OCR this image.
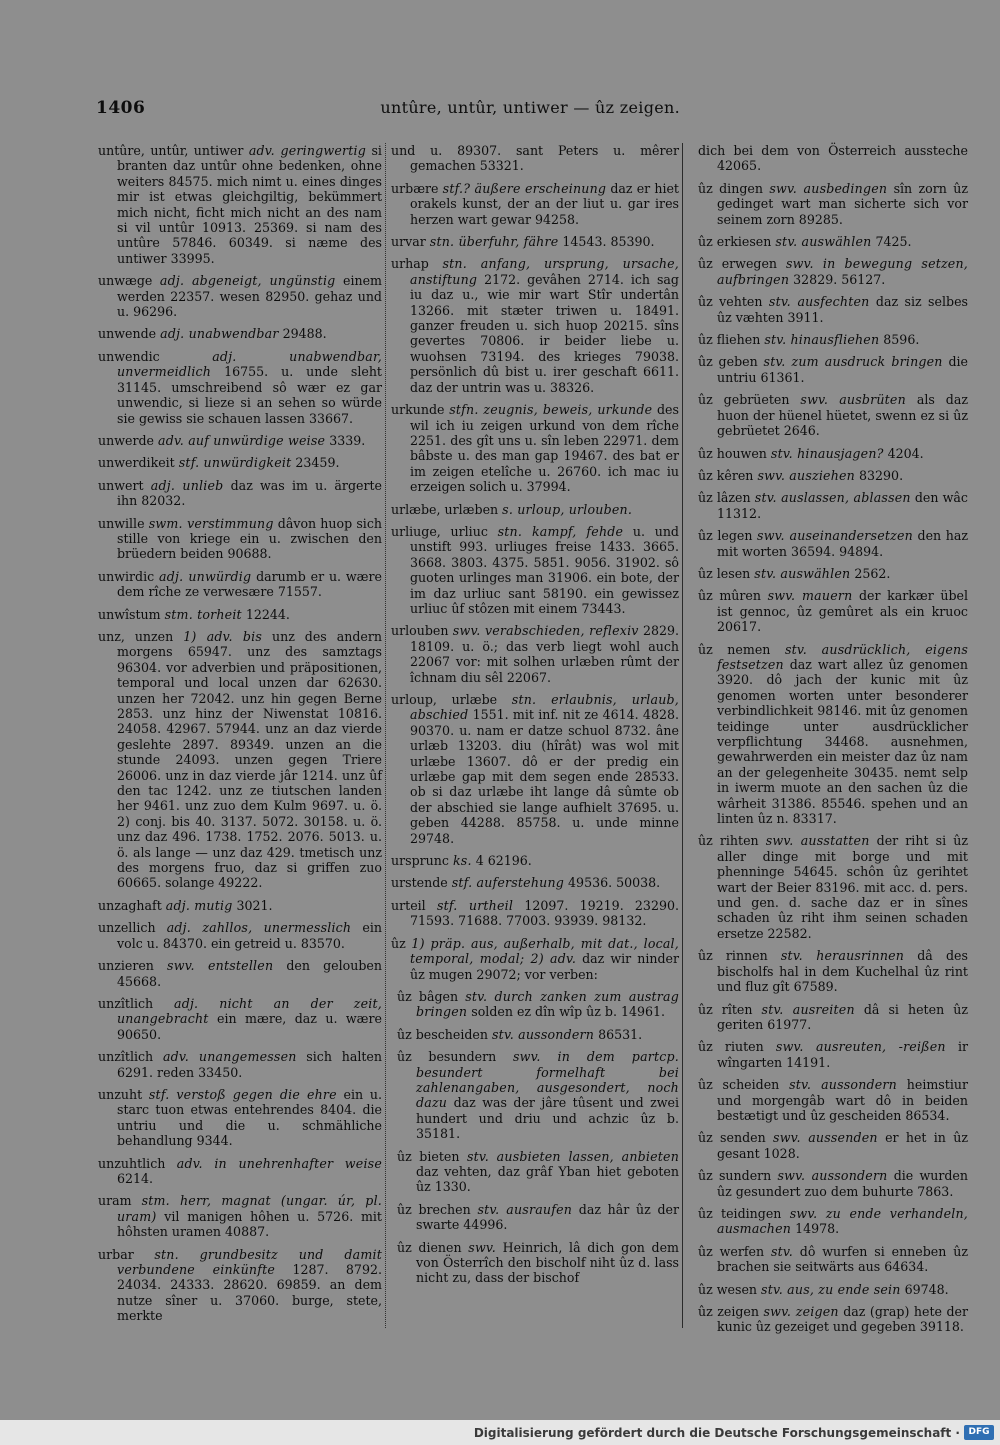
1406	untûre, untûr, untiwer — ûz zeigen.

untûre, untûr, untiwer adv. geringwertig si branten daz untûr ohne bedenken, ohne weiters 84575. mich nimt u. eines dinges mir ist etwas gleichgiltig, bekümmert mich nicht, ficht mich nicht an des nam si vil untûr 10913. 25369. si nam des untûre 57846. 60349. si næme des untiwer 33995.

unwæge adj. abgeneigt, ungünstig einem werden 22357. wesen 82950. gehaz und u. 96296.

unwende adj. unabwendbar 29488.

unwendic	adj. unabwendbar, unvermeidlich 16755. u. unde sleht 31145. umschreibend sô wær ez gar unwendic, si lieze si an sehen so würde sie gewiss sie schauen lassen 33667.

unwerde adv. auf unwürdige weise 3339.

unwerdikeit stf. unwürdigkeit 23459.

unwert adj. unlieb daz was im u. ärgerte ihn 82032.

unwille swm. verstimmung dâvon huop sich stille von kriege ein u. zwischen den brüedern beiden 90688.

unwirdic adj. unwürdig darumb er u. wære dem rîche ze verwesære 71557.

unwîstum stm. torheit 12244.

unz, unzen 1) adv. bis unz des andern morgens 65947. unz des samztags 96304. vor adverbien und präpositionen, temporal und local unzen dar 62630. unzen her 72042. unz hin gegen Berne 2853. unz hinz der Niwenstat 10816. 24058. 42967. 57944. unz an daz vierde geslehte 2897. 89349. unzen an die stunde 24093. unzen gegen Triere 26006. unz in daz vierde jâr 1214. unz ûf den tac 1242. unz ze tiutschen landen her 9461. unz zuo dem Kulm 9697. u. ö. 2) conj. bis 40. 3137. 5072. 30158. u. ö. unz daz 496. 1738. 1752. 2076. 5013. u. ö. als lange — unz daz 429. tmetisch unz des morgens fruo, daz si griffen zuo 60665. solange 49222.

unzaghaft adj. mutig 3021.

unzellich adj. zahllos, unermesslich ein volc u. 84370. ein getreid u. 83570.

unzieren swv. entstellen den gelouben 45668.

unzîtlich adj. nicht an der zeit, unangebracht ein mære, daz u. wære 90650.

unzîtlich adv. unangemessen sich halten 6291. reden 33450.

unzuht stf. verstoß gegen die ehre ein u. starc tuon etwas entehrendes 8404. die untriu und die u. schmähliche behandlung 9344.

unzuhtlich adv. in unehrenhafter weise 6214.

uram stm. herr, magnat (ungar. úr, pl. uram) vil manigen hôhen u. 5726. mit hôhsten uramen 40887.

urbar stn. grundbesitz und damit verbundene einkünfte 1287. 8792. 24034. 24333. 28620. 69859. an dem nutze sîner u. 37060. burge, stete, merkte

und u. 89307. sant Peters u. mêrer gemachen 53321.

urbære stf.? äußere erscheinung daz er hiet orakels kunst, der an der liut u. gar ires herzen wart gewar 94258.

urvar stn. überfuhr, fähre 14543. 85390.

urhap stn. anfang, ursprung, ursache, anstiftung 2172. gevâhen 2714. ich sag iu daz u., wie mir wart Stîr undertân 13266. mit stæter triwen u. 18491. ganzer freuden u. sich huop 20215. sîns gevertes 70806. ir beider liebe u. wuohsen 73194. des krieges 79038. persönlich dû bist u. irer geschaft 6611. daz der untrin was u. 38326.

urkunde stfn. zeugnis, beweis, urkunde des wil ich iu zeigen urkund von dem rîche 2251. des gît uns u. sîn leben 22971. dem bâbste u. des man gap 19467. des bat er im zeigen etelîche u. 26760. ich mac iu erzeigen solich u. 37994.

urlæbe, urlæben s. urloup, urlouben.

urliuge, urliuc stn. kampf, fehde u. und unstift 993. urliuges freise 1433. 3665. 3668. 3803. 4375. 5851. 9056. 31902. sô guoten urlinges man 31906. ein bote, der im daz urliuc sant 58190. ein gewissez urliuc ûf stôzen mit einem 73443.

urlouben swv. verabschieden, reflexiv 2829. 18109. u. ö.; das verb liegt wohl auch 22067 vor: mit solhen urlæben rûmt der îchnam diu sêl 22067.

urloup, urlæbe stn. erlaubnis, urlaub, abschied 1551. mit inf. nit ze 4614. 4828. 90370. u. nam er datze schuol 8732. âne urlæb 13203. diu (hîrât) was wol mit urlæbe 13607. dô er der predig ein urlæbe gap mit dem segen ende 28533. ob si daz urlæbe iht lange dâ sûmte ob der abschied sie lange aufhielt 37695. u. geben 44288. 85758. u. unde minne 29748.

ursprunc ks. 4 62196.

urstende stf. auferstehung 49536. 50038.

urteil stf. urtheil 12097. 19219. 23290. 71593. 71688. 77003. 93939. 98132.

ûz 1) präp. aus, außerhalb, mit dat., local, temporal, modal; 2) adv. daz wir ninder ûz mugen 29072; vor verben:

ûz bâgen stv. durch zanken zum austrag bringen solden ez dîn wîp ûz b. 14961.

ûz bescheiden stv. aussondern 86531.

ûz besundern swv. in dem partcp. besundert formelhaft bei zahlenangaben, ausgesondert, noch dazu daz was der jâre tûsent und zwei hundert und driu und achzic ûz b. 35181.

ûz bieten stv. ausbieten lassen, anbieten daz vehten, daz grâf Yban hiet geboten ûz 1330.

ûz brechen stv. ausraufen daz hâr ûz der swarte 44996.

ûz dienen swv. Heinrich, lâ dich gon dem von Österrîch den bischolf niht ûz d. lass nicht zu, dass der bischof

dich bei dem von Österreich aussteche 42065.

ûz dingen swv. ausbedingen sîn zorn ûz gedinget wart man sicherte sich vor seinem zorn 89285.

ûz erkiesen stv. auswählen 7425.

ûz erwegen swv. in bewegung setzen, aufbringen 32829. 56127.

ûz vehten stv. ausfechten daz siz selbes ûz væhten 3911.

ûz fliehen stv. hinausfliehen 8596.

ûz geben stv. zum ausdruck bringen die untriu 61361.

ûz gebrüeten swv. ausbrüten als daz huon der hüenel hüetet, swenn ez si ûz gebrüetet 2646.

ûz houwen stv. hinausjagen? 4204.

ûz kêren swv. ausziehen 83290.

ûz lâzen stv. auslassen, ablassen den wâc 11312.

ûz legen swv. auseinandersetzen den haz mit worten 36594. 94894.

ûz lesen stv. auswählen 2562.

ûz mûren swv. mauern der karkær übel ist gennoc, ûz gemûret als ein kruoc 20617.

ûz nemen stv. ausdrücklich, eigens festsetzen daz wart allez ûz genomen 3920. dô jach der kunic mit ûz genomen worten unter besonderer verbindlichkeit 98146. mit ûz genomen teidinge unter ausdrücklicher verpflichtung 34468. ausnehmen, gewahrwerden ein meister daz ûz nam an der gelegenheite 30435. nemt selp in iwerm muote an den sachen ûz die wârheit 31386. 85546. spehen und an linten ûz n. 83317.

ûz rihten swv. ausstatten der riht si ûz aller dinge mit borge und mit phenninge 54645. schôn ûz gerihtet wart der Beier 83196. mit acc. d. pers. und gen. d. sache daz er in sînes schaden ûz riht ihm seinen schaden ersetze 22582.

ûz rinnen stv. herausrinnen dâ des bischolfs hal in dem Kuchelhal ûz rint und fluz gît 67589.

ûz rîten stv. ausreiten dâ si heten ûz geriten 61977.

ûz riuten swv. ausreuten, -reißen ir wîngarten 14191.

ûz scheiden stv. aussondern heimstiur und morgengâb wart dô in beiden bestætigt und ûz gescheiden 86534.

ûz senden swv. aussenden er het in ûz gesant 1028.

ûz sundern swv. aussondern die wurden ûz gesundert zuo dem buhurte 7863.

ûz teidingen swv. zu ende verhandeln, ausmachen 14978.

ûz werfen stv. dô wurfen si enneben ûz brachen sie seitwärts aus 64634.

ûz wesen stv. aus, zu ende sein 69748.

ûz zeigen swv. zeigen daz (grap) hete der kunic ûz gezeiget und gegeben 39118.

Digitalisierung gefördert durch die Deutsche Forschungsgemeinschaft · DFG
